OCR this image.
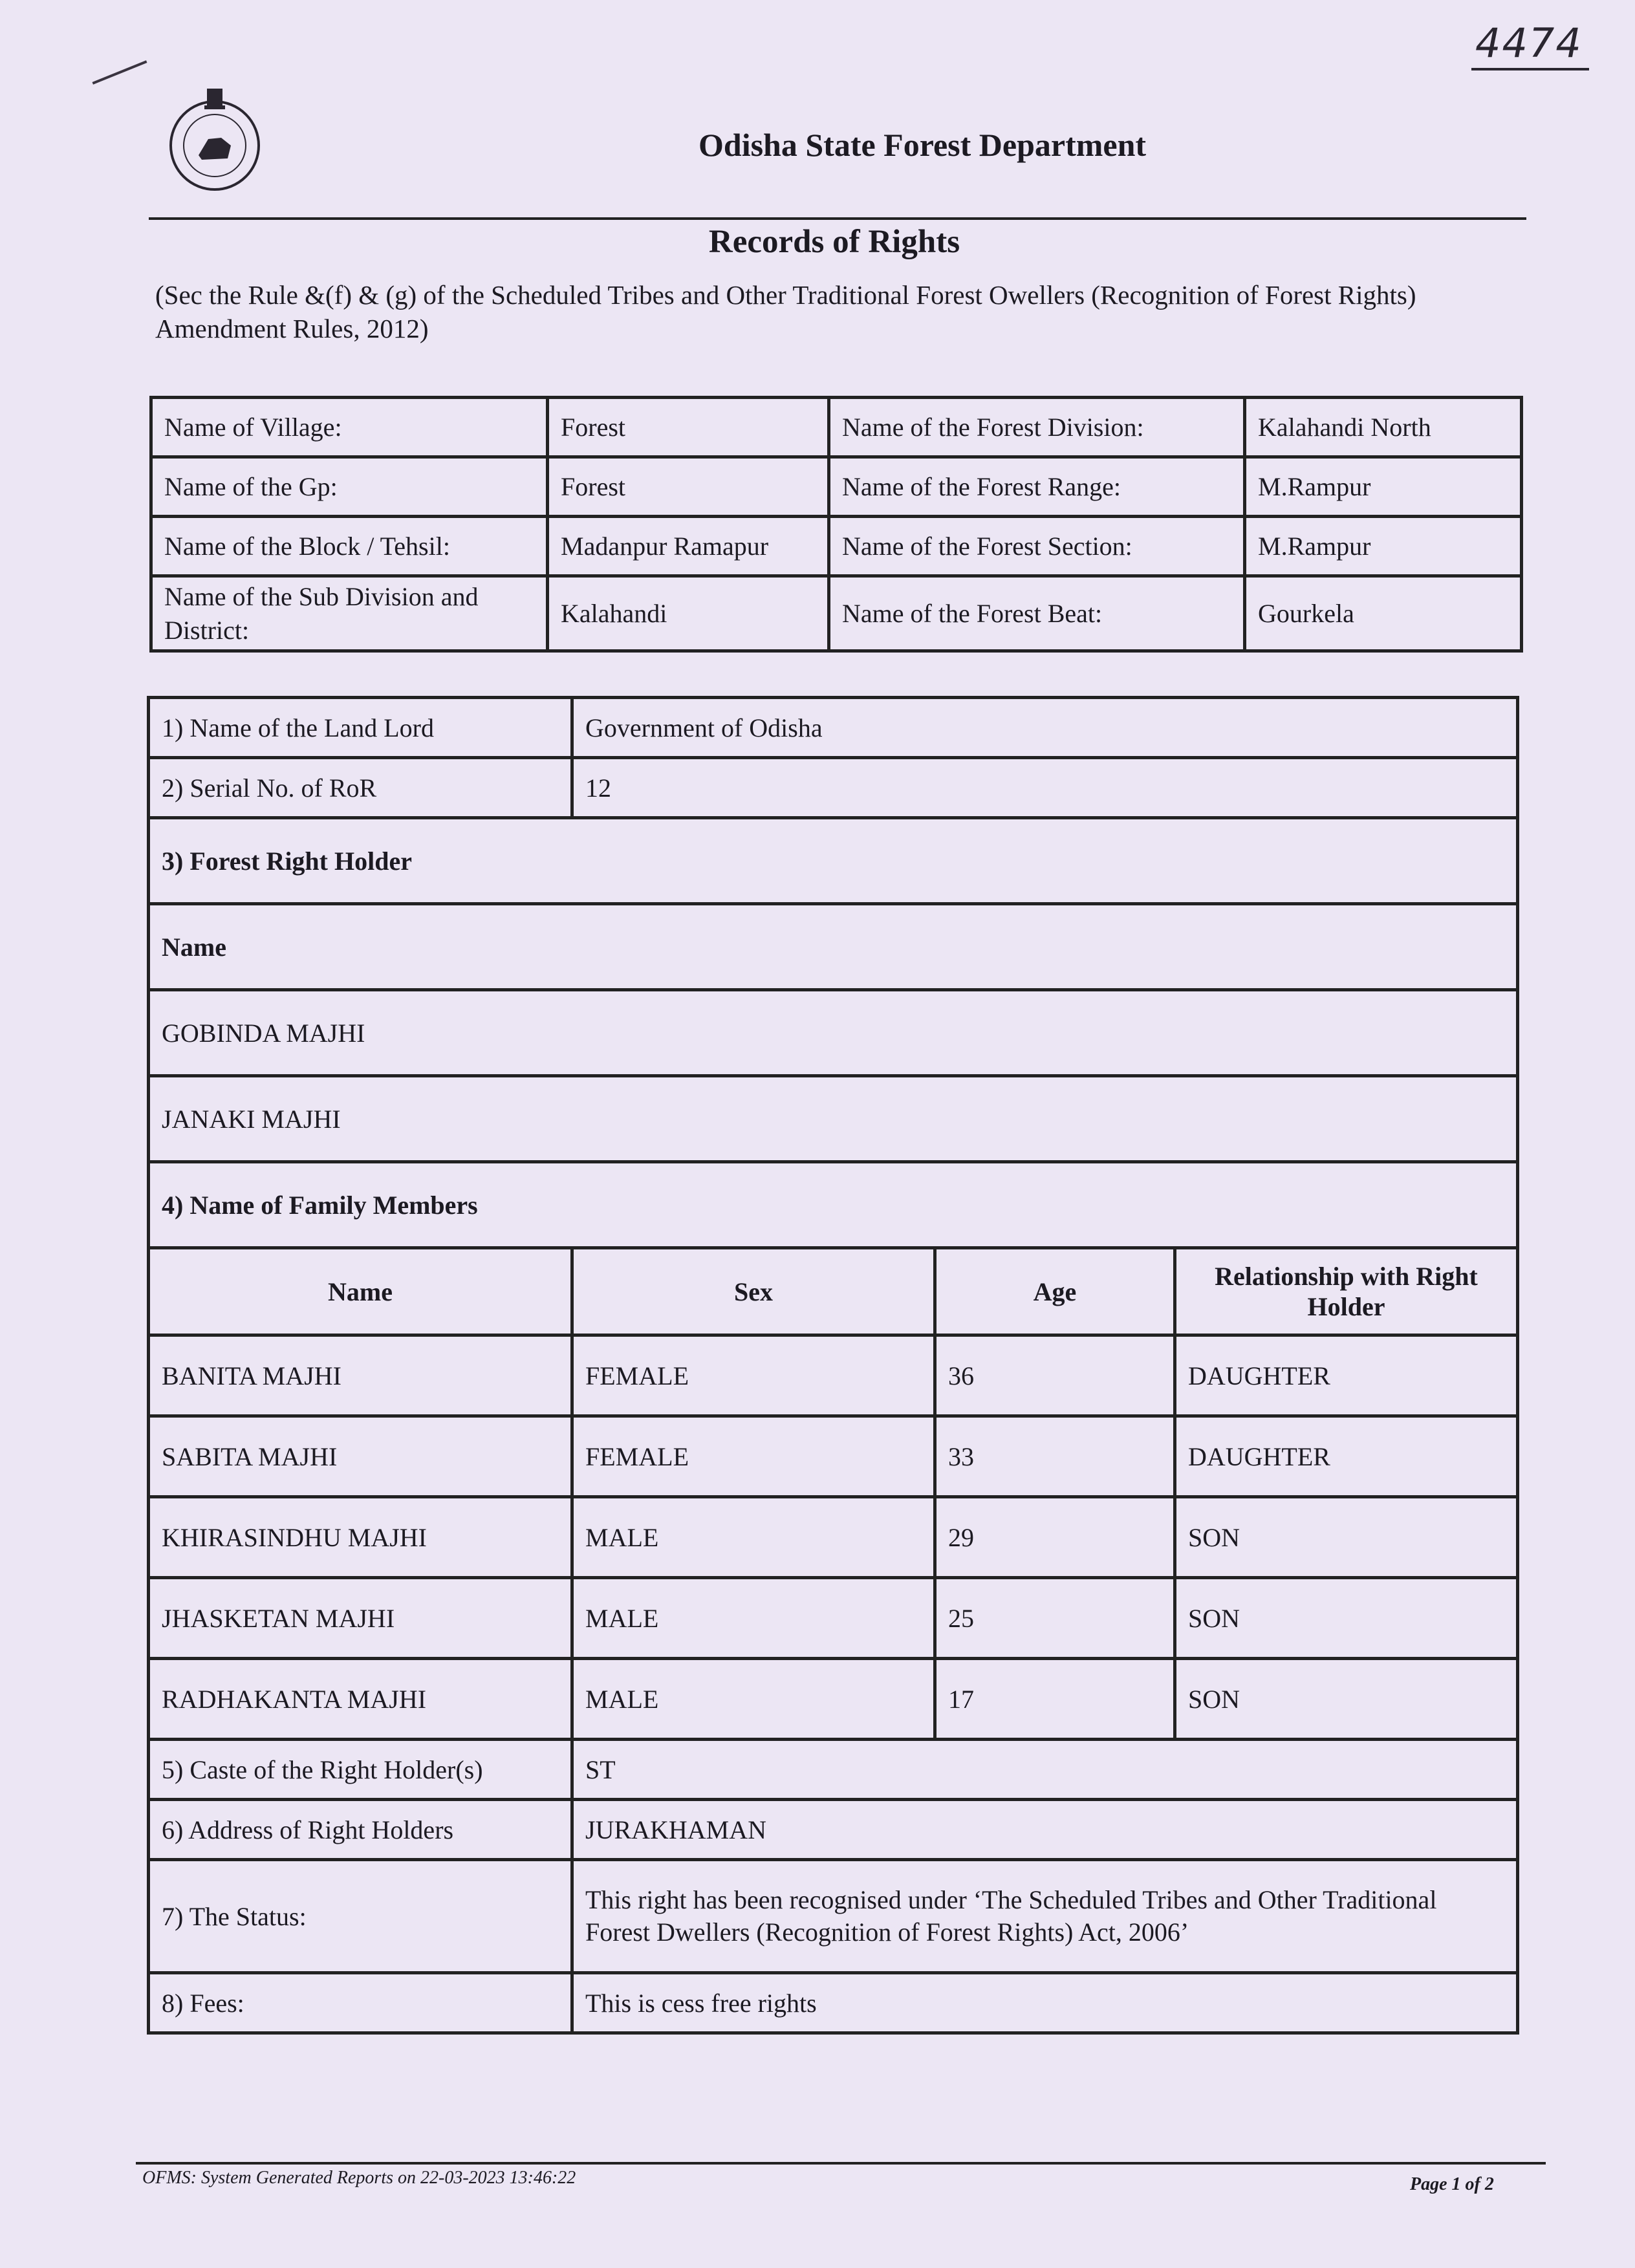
4474
Odisha State Forest Department
Records of Rights
(Sec the Rule &(f) & (g) of the Scheduled Tribes and Other Traditional Forest Owellers (Recognition of Forest Rights) Amendment Rules, 2012)
Name of Village:	Forest	Name of the Forest Division:	Kalahandi North
Name of the Gp:	Forest	Name of the Forest Range:	M.Rampur
Name of the Block / Tehsil:	Madanpur Ramapur	Name of the Forest Section:	M.Rampur
Name of the Sub Division and District:	Kalahandi	Name of the Forest Beat:	Gourkela
1) Name of the Land Lord	Government of Odisha		
2) Serial No. of RoR	12		
3) Forest Right Holder			
Name			
GOBINDA MAJHI			
JANAKI MAJHI			
4) Name of Family Members			
Name	Sex	Age	Relationship with Right Holder
BANITA MAJHI	FEMALE	36	DAUGHTER
SABITA MAJHI	FEMALE	33	DAUGHTER
KHIRASINDHU MAJHI	MALE	29	SON
JHASKETAN MAJHI	MALE	25	SON
RADHAKANTA MAJHI	MALE	17	SON
5) Caste of the Right Holder(s)	ST		
6) Address of Right Holders	JURAKHAMAN		
7) The Status:	This right has been recognised under ‘The Scheduled Tribes and Other Traditional
Forest Dwellers (Recognition of Forest Rights) Act, 2006’		

8) Fees:	This is cess free rights		
OFMS: System Generated Reports on 22-03-2023 13:46:22	Page 1 of 2
